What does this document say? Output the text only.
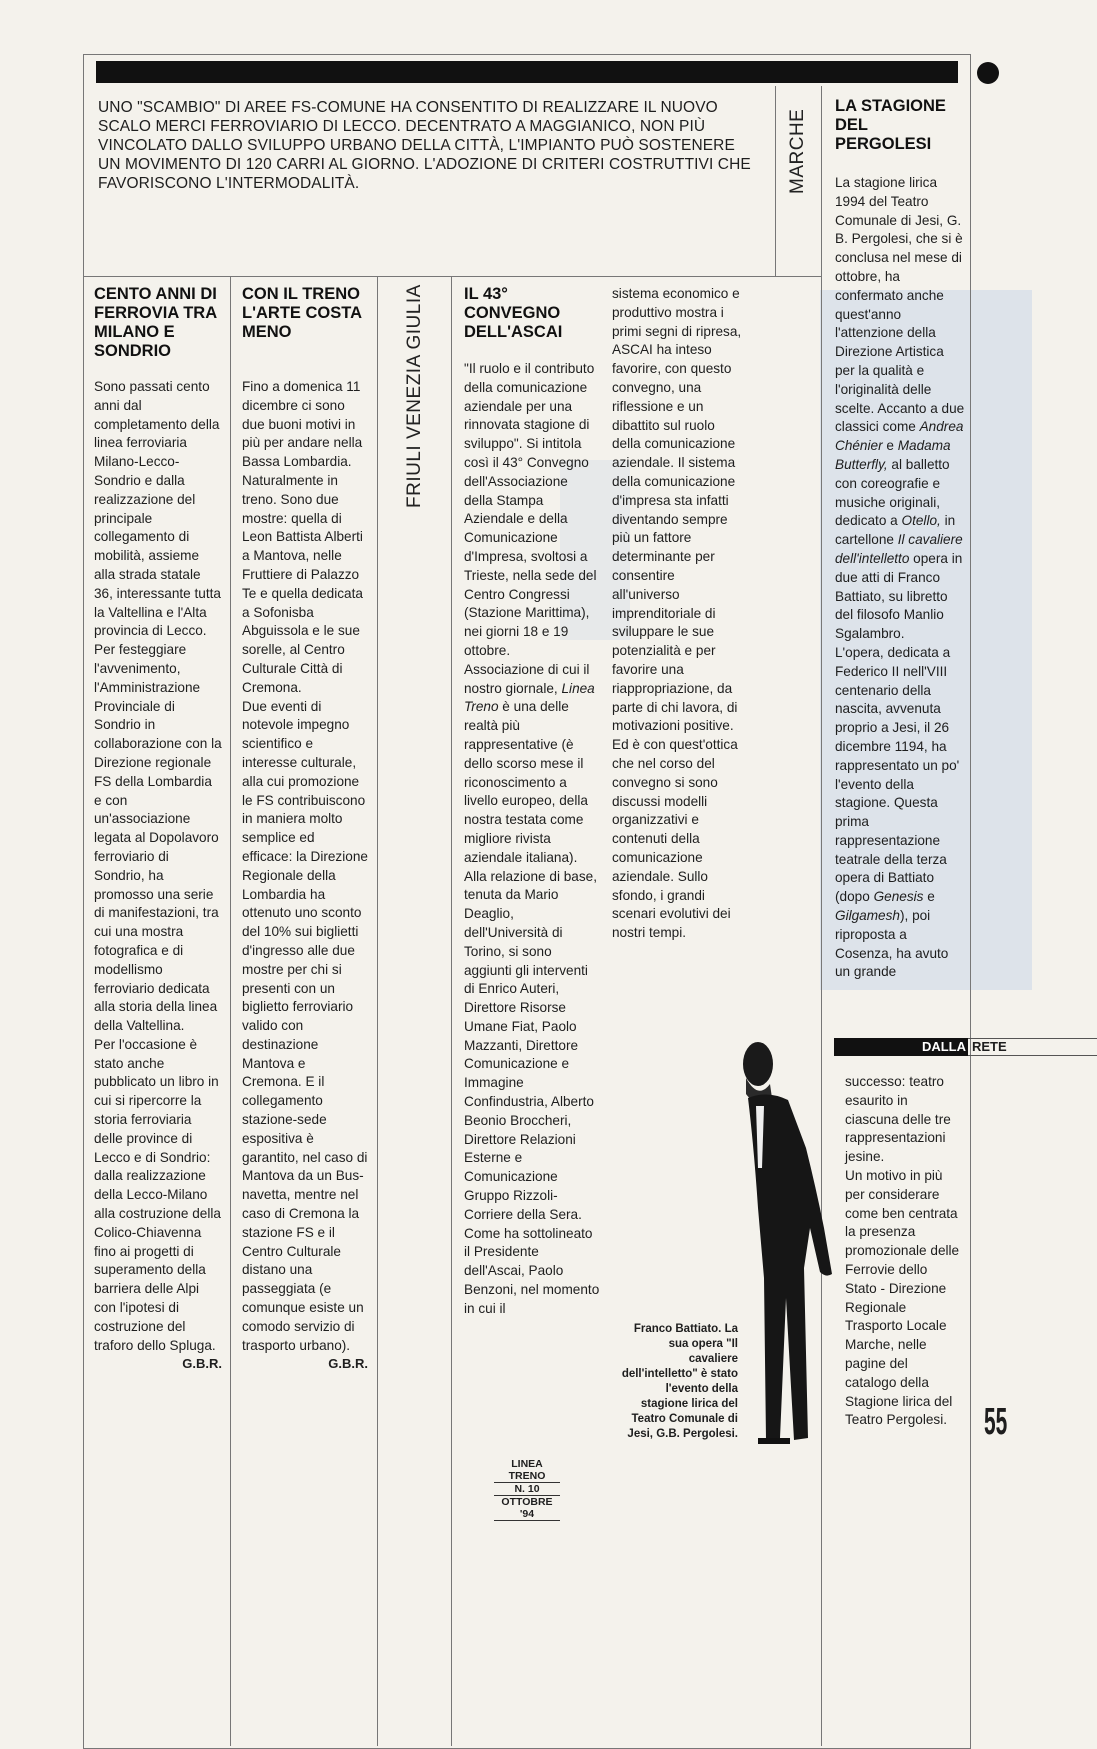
UNO "SCAMBIO" DI AREE FS-COMUNE HA CONSENTITO DI REALIZZARE IL NUOVO SCALO MERCI FERROVIARIO DI LECCO. DECENTRATO A MAGGIANICO, NON PIÙ VINCOLATO DALLO SVILUPPO URBANO DELLA CITTÀ, L'IMPIANTO PUÒ SOSTENERE UN MOVIMENTO DI 120 CARRI AL GIORNO. L'ADOZIONE DI CRITERI COSTRUTTIVI CHE FAVORISCONO L'INTERMODALITÀ.	MARCHE
FRIULI VENEZIA GIULIA
CENTO ANNI DI FERROVIA TRA MILANO E SONDRIO

Sono passati cento anni dal completamento della linea ferroviaria Milano-Lecco-Sondrio e dalla realizzazione del principale collegamento di mobilità, assieme alla strada statale 36, interessante tutta la Valtellina e l'Alta provincia di Lecco.

Per festeggiare l'avvenimento, l'Amministrazione Provinciale di Sondrio in collaborazione con la Direzione regionale FS della Lombardia e con un'associazione legata al Dopolavoro ferroviario di Sondrio, ha promosso una serie di manifestazioni, tra cui una mostra fotografica e di modellismo ferroviario dedicata alla storia della linea della Valtellina.

Per l'occasione è stato anche pubblicato un libro in cui si ripercorre la storia ferroviaria delle province di Lecco e di Sondrio: dalla realizzazione della Lecco-Milano alla costruzione della Colico-Chiavenna fino ai progetti di superamento della barriera delle Alpi con l'ipotesi di costruzione del traforo dello Spluga.

G.B.R.

CON IL TRENO L'ARTE COSTA MENO

Fino a domenica 11 dicembre ci sono due buoni motivi in più per andare nella Bassa Lombardia. Naturalmente in treno. Sono due mostre: quella di Leon Battista Alberti a Mantova, nelle Fruttiere di Palazzo Te e quella dedicata a Sofonisba Abguissola e le sue sorelle, al Centro Culturale Città di Cremona.

Due eventi di notevole impegno scientifico e interesse culturale, alla cui promozione le FS contribuiscono in maniera molto semplice ed efficace: la Direzione Regionale della Lombardia ha ottenuto uno sconto del 10% sui biglietti d'ingresso alle due mostre per chi si presenti con un biglietto ferroviario valido con destinazione Mantova e Cremona. E il collegamento stazione-sede espositiva è garantito, nel caso di Mantova da un Bus-navetta, mentre nel caso di Cremona la stazione FS e il Centro Culturale distano una passeggiata (e comunque esiste un comodo servizio di trasporto urbano).

G.B.R.

IL 43° CONVEGNO DELL'ASCAI

"Il ruolo e il contributo della comunicazione aziendale per una rinnovata stagione di sviluppo". Si intitola così il 43° Convegno dell'Associazione della Stampa Aziendale e della Comunicazione d'Impresa, svoltosi a Trieste, nella sede del Centro Congressi (Stazione Marittima), nei giorni 18 e 19 ottobre.

Associazione di cui il nostro giornale, Linea Treno è una delle realtà più rappresentative (è dello scorso mese il riconoscimento a livello europeo, della nostra testata come migliore rivista aziendale italiana).

Alla relazione di base, tenuta da Mario Deaglio, dell'Università di Torino, si sono aggiunti gli interventi di Enrico Auteri, Direttore Risorse Umane Fiat, Paolo Mazzanti, Direttore Comunicazione e Immagine Confindustria, Alberto Beonio Broccheri, Direttore Relazioni Esterne e Comunicazione Gruppo Rizzoli-Corriere della Sera. Come ha sottolineato il Presidente dell'Ascai, Paolo Benzoni, nel momento in cui il

sistema economico e produttivo mostra i primi segni di ripresa, ASCAI ha inteso favorire, con questo convegno, una riflessione e un dibattito sul ruolo della comunicazione aziendale. Il sistema della comunicazione d'impresa sta infatti diventando sempre più un fattore determinante per consentire all'universo imprenditoriale di sviluppare le sue potenzialità e per favorire una riappropriazione, da parte di chi lavora, di motivazioni positive.

Ed è con quest'ottica che nel corso del convegno si sono discussi modelli organizzativi e contenuti della comunicazione aziendale. Sullo sfondo, i grandi scenari evolutivi dei nostri tempi.

LA STAGIONE DEL PERGOLESI

La stagione lirica 1994 del Teatro Comunale di Jesi, G. B. Pergolesi, che si è conclusa nel mese di ottobre, ha confermato anche quest'anno l'attenzione della Direzione Artistica per la qualità e l'originalità delle scelte. Accanto a due classici come Andrea Chénier e Madama Butterfly, al balletto con coreografie e musiche originali, dedicato a Otello, in cartellone Il cavaliere dell'intelletto opera in due atti di Franco Battiato, su libretto del filosofo Manlio Sgalambro.

L'opera, dedicata a Federico II nell'VIII centenario della nascita, avvenuta proprio a Jesi, il 26 dicembre 1194, ha rappresentato un po' l'evento della stagione. Questa prima rappresentazione teatrale della terza opera di Battiato (dopo Genesis e Gilgamesh), poi riproposta a Cosenza, ha avuto un grande

DALLA RETE

successo: teatro esaurito in ciascuna delle tre rappresentazioni jesine.

Un motivo in più per considerare come ben centrata la presenza promozionale delle Ferrovie dello Stato - Direzione Regionale Trasporto Locale Marche, nelle pagine del catalogo della Stagione lirica del Teatro Pergolesi.

Franco Battiato. La sua opera "Il cavaliere dell'intelletto" è stato l'evento della stagione lirica del Teatro Comunale di Jesi, G.B. Pergolesi.	55
LINEA TRENO
N. 10
OTTOBRE '94
